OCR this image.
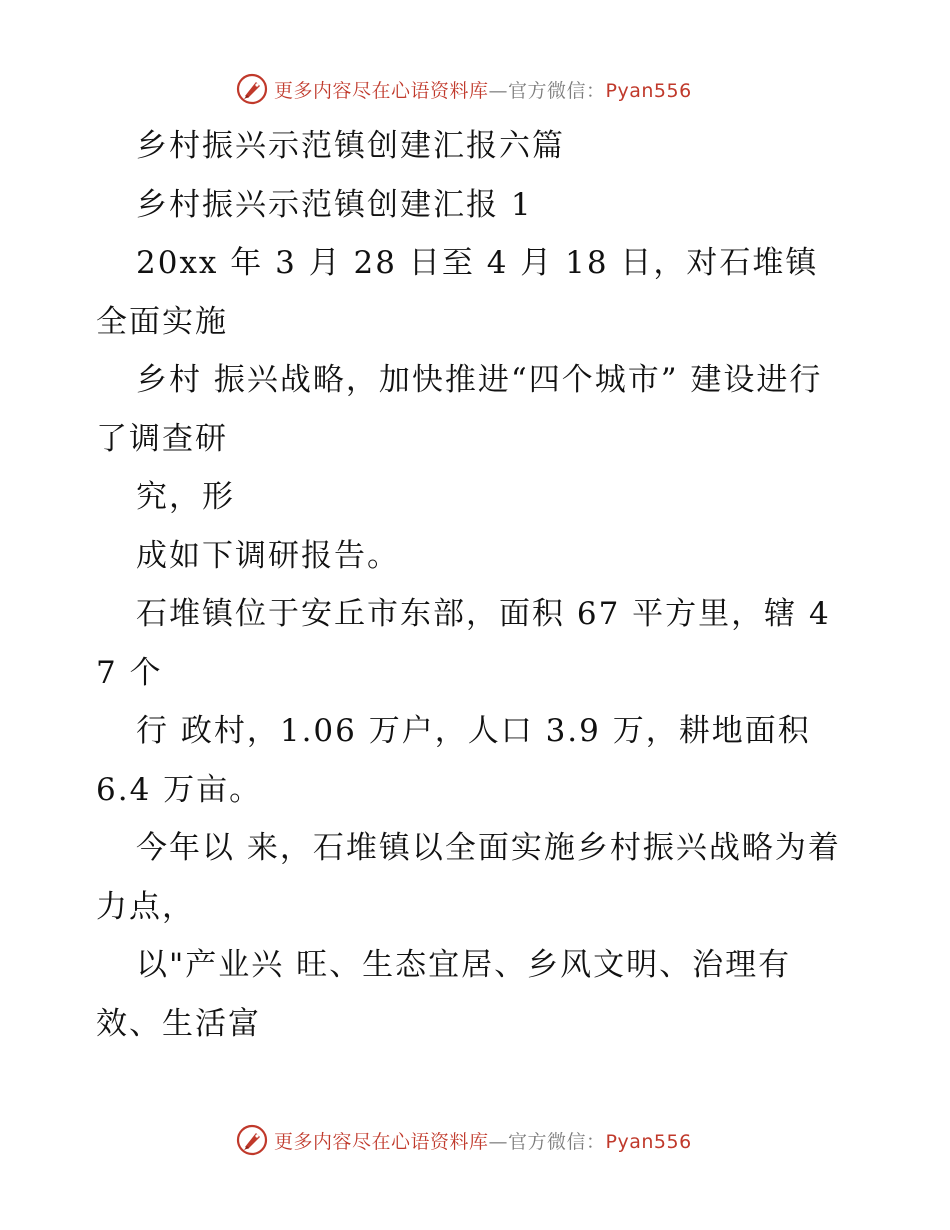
更多内容尽在心语资料库—官方微信：Pyan556

乡村振兴示范镇创建汇报六篇

乡村振兴示范镇创建汇报 1

20xx 年 3 月 28 日至 4 月 18 日，对石堆镇全面实施

乡村 振兴战略，加快推进“四个城市” 建设进行了调查研

究，形

成如下调研报告。

石堆镇位于安丘市东部，面积 67 平方里，辖 47 个

行 政村，1.06 万户，人口 3.9 万，耕地面积 6.4 万亩。

今年以 来，石堆镇以全面实施乡村振兴战略为着力点，

以"产业兴 旺、生态宜居、乡风文明、治理有效、生活富

更多内容尽在心语资料库—官方微信：Pyan556
